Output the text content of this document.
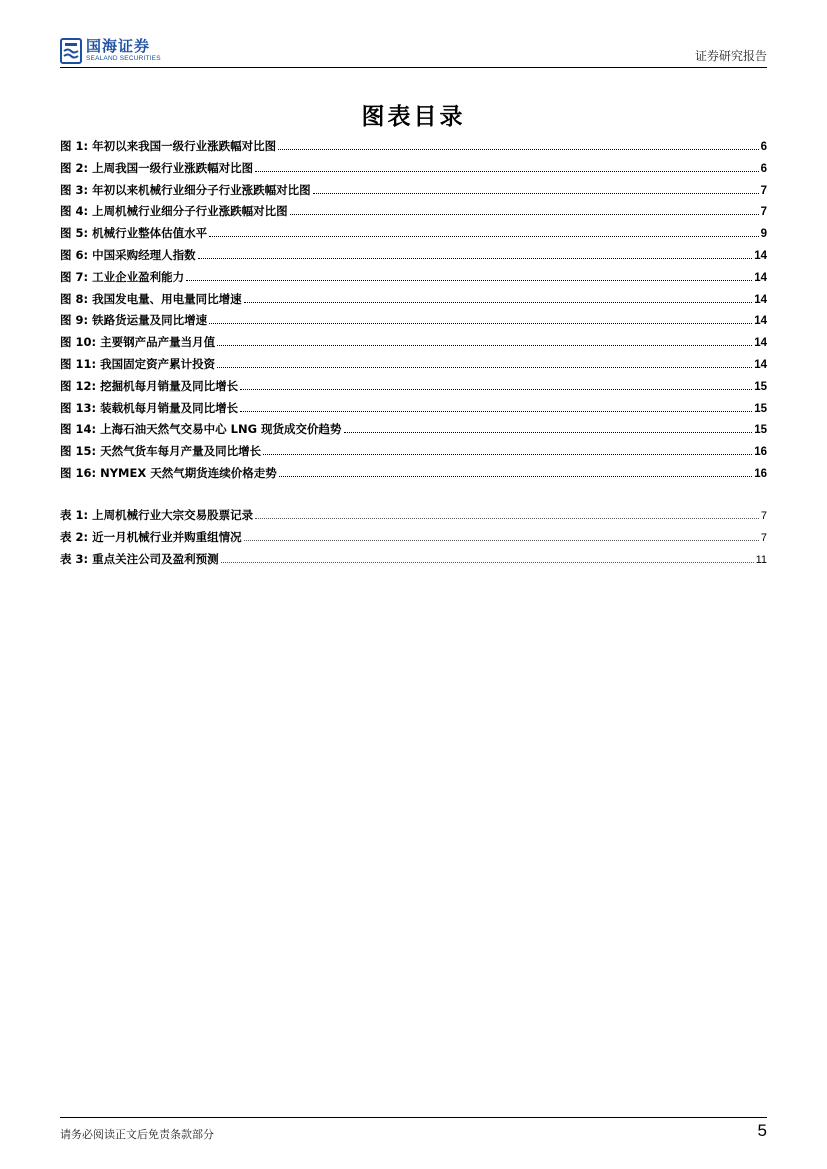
国海证券
SEALAND SECURITIES	证券研究报告
图表目录
图 1: 年初以来我国一级行业涨跌幅对比图	6
图 2: 上周我国一级行业涨跌幅对比图	6
图 3: 年初以来机械行业细分子行业涨跌幅对比图	7
图 4: 上周机械行业细分子行业涨跌幅对比图	7
图 5: 机械行业整体估值水平	9
图 6: 中国采购经理人指数	14
图 7: 工业企业盈利能力	14
图 8: 我国发电量、用电量同比增速	14
图 9: 铁路货运量及同比增速	14
图 10: 主要钢产品产量当月值	14
图 11: 我国固定资产累计投资	14
图 12: 挖掘机每月销量及同比增长	15
图 13: 装载机每月销量及同比增长	15
图 14: 上海石油天然气交易中心 LNG 现货成交价趋势	15
图 15: 天然气货车每月产量及同比增长	16
图 16: NYMEX 天然气期货连续价格走势	16
表 1: 上周机械行业大宗交易股票记录	7
表 2: 近一月机械行业并购重组情况	7
表 3: 重点关注公司及盈利预测	11
请务必阅读正文后免责条款部分	5
